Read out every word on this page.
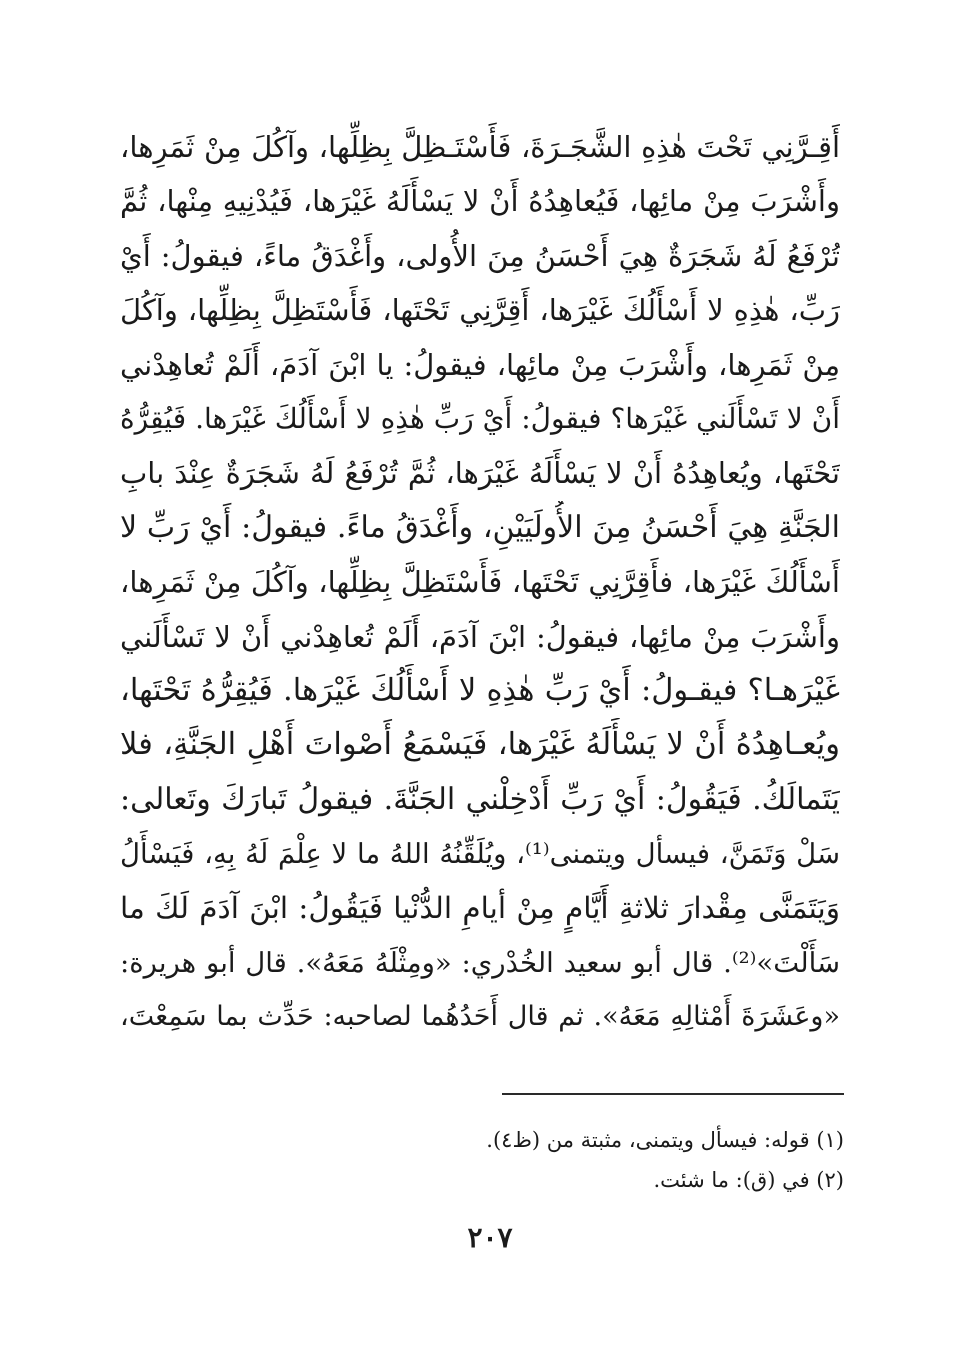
أَقِـرَّنِي تَحْتَ هٰذِهِ الشَّجَـرَةَ، فَأَسْتَـظِلَّ بِظِلِّها، وآكُلَ مِنْ ثَمَرِها،
وأَشْرَبَ مِنْ مائِها، فَيُعاهِدُهُ أَنْ لا يَسْأَلَهُ غَيْرَها، فَيُدْنِيهِ مِنْها، ثُمَّ
تُرْفَعُ لَهُ شَجَرَةٌ هِيَ أَحْسَنُ مِنَ الأُولى، وأَغْدَقُ ماءً، فيقولُ: أَيْ
رَبِّ، هٰذِهِ لا أَسْأَلُكَ غَيْرَها، أَقِرَّنِي تَحْتَها، فَأَسْتَظِلَّ بِظِلِّها، وآكُلَ
مِنْ ثَمَرِها، وأَشْرَبَ مِنْ مائِها، فيقولُ: يا ابْنَ آدَمَ، أَلَمْ تُعاهِدْني
أَنْ لا تَسْأَلَني غَيْرَها؟ فيقولُ: أَيْ رَبِّ هٰذِهِ لا أَسْأَلُكَ غَيْرَها. فَيُقِرُّهُ
تَحْتَها، ويُعاهِدُهُ أَنْ لا يَسْأَلَهُ غَيْرَها، ثُمَّ تُرْفَعُ لَهُ شَجَرَةٌ عِنْدَ بابِ
الجَنَّةِ هِيَ أَحْسَنُ مِنَ الأُولَيَيْنِ، وأَغْدَقُ ماءً. فيقولُ: أَيْ رَبِّ لا
أَسْأَلُكَ غَيْرَها، فأَقِرَّنِي تَحْتَها، فَأَسْتَظِلَّ بِظِلِّها، وآكُلَ مِنْ ثَمَرِها،
وأَشْرَبَ مِنْ مائِها، فيقولُ: ابْنَ آدَمَ، أَلَمْ تُعاهِدْني أَنْ لا تَسْأَلَني
غَيْرَهـا؟ فيقـولُ: أَيْ رَبِّ هٰذِهِ لا أَسْأَلُكَ غَيْرَها. فَيُقِرُّهُ تَحْتَها،
ويُعـاهِدُهُ أَنْ لا يَسْأَلَهُ غَيْرَها، فَيَسْمَعُ أَصْواتَ أَهْلِ الجَنَّةِ، فلا
يَتَمالَكُ. فَيَقُولُ: أَيْ رَبِّ أَدْخِلْني الجَنَّةَ. فيقولُ تَبارَكَ وتَعالى:
سَلْ وَتَمَنَّ، فيسأل ويتمنى⁽¹⁾، ويُلَقِّنُهُ اللهُ ما لا عِلْمَ لَهُ بِهِ، فَيَسْأَلُ
وَيَتَمَنَّى مِقْدارَ ثلاثةِ أَيَّامٍ مِنْ أيامِ الدُّنْيا فَيَقُولُ: ابْنَ آدَمَ لَكَ ما
سَأَلْتَ»⁽²⁾. قال أبو سعيد الخُدْري: «ومِثْلَهُ مَعَهُ». قال أبو هريرة:
«وعَشَرَةَ أَمْثالِهِ مَعَهُ». ثم قال أَحَدُهُما لصاحبه: حَدِّث بما سَمِعْتَ،
(١) قوله: فيسأل ويتمنى، مثبتة من (ظ٤).
(٢) في (ق): ما شئت.
٢٠٧
